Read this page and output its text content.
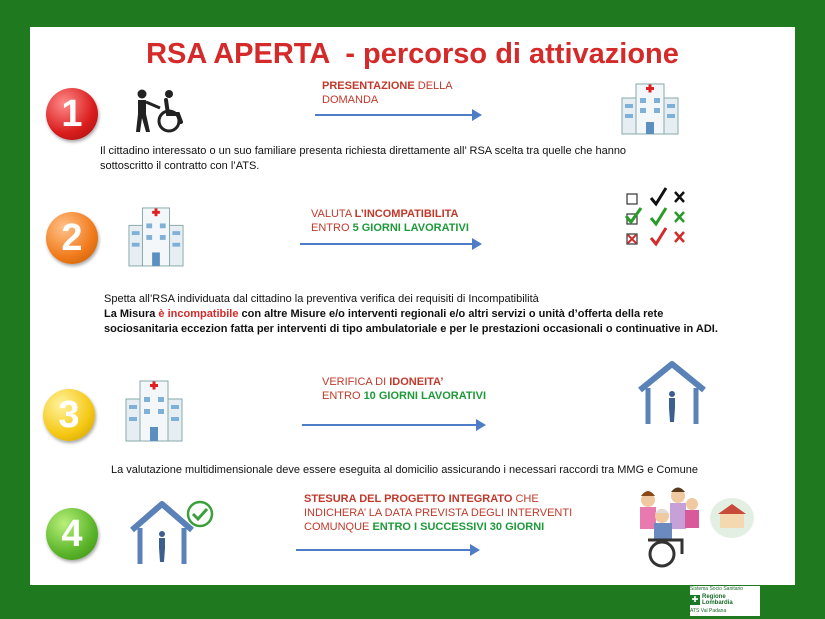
RSA APERTA  - percorso di attivazione
1
PRESENTAZIONE DELLA
DOMANDA
Il cittadino interessato o un suo familiare presenta richiesta direttamente all’ RSA scelta tra quelle che hanno
sottoscritto il contratto con l’ATS.
2
VALUTA L’INCOMPATIBILITA
ENTRO 5 GIORNI LAVORATIVI
Spetta all’RSA individuata dal cittadino la preventiva verifica dei requisiti di Incompatibilità
La Misura è incompatibile con altre Misure e/o interventi regionali e/o altri servizi o unità d’offerta della rete
sociosanitaria eccezion fatta per interventi di tipo ambulatoriale e per le prestazioni occasionali o continuative in ADI.
3
VERIFICA DI IDONEITA’
ENTRO 10 GIORNI LAVORATIVI
La valutazione multidimensionale deve essere eseguita al domicilio assicurando i necessari raccordi tra MMG e Comune
4
STESURA DEL PROGETTO INTEGRATO CHE
INDICHERA’ LA DATA PREVISTA DEGLI INTERVENTI
COMUNQUE ENTRO I SUCCESSIVI 30 GIORNI
Sistema Socio Sanitario
✚ Regione
Lombardia
ATS Val Padana
